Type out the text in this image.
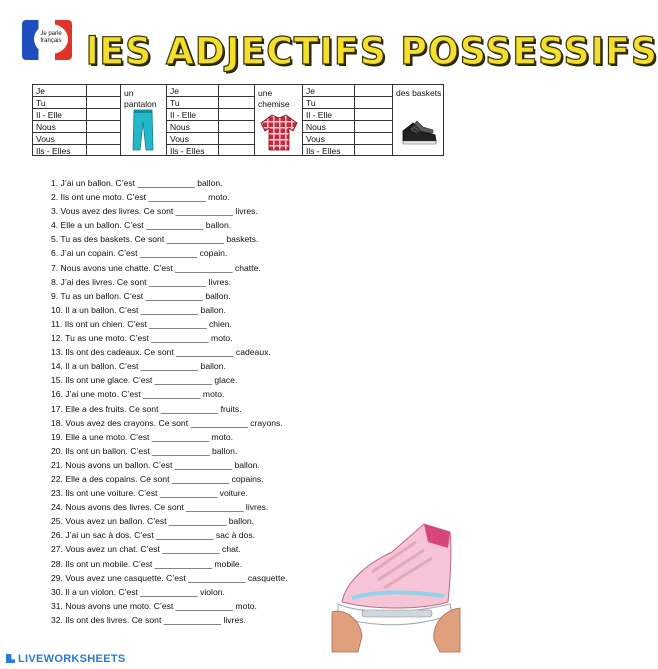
Je parle
français lES ADJECTIFS POSSESSIFS
Je
Tu
Il - Elle
Nous
Vous
Ils - Elles
un pantalon
Je
Tu
Il - Elle
Nous
Vous
Ils - Elles
une chemise
Je
Tu
Il - Elle
Nous
Vous
Ils - Elles
des baskets
1. J’ai un ballon. C’est ____________ ballon.
2. Ils ont une moto. C’est ____________ moto.
3. Vous avez des livres. Ce sont ____________ livres.
4. Elle a un ballon. C’est ____________ ballon.
5. Tu as des baskets. Ce sont ____________ baskets.
6. J’ai un copain. C’est ____________ copain.
7. Nous avons une chatte. C’est ____________ chatte.
8. J’ai des livres. Ce sont ____________ livres.
9. Tu as un ballon. C’est ____________ ballon.
10. Il a un ballon. C’est ____________ ballon.
11. Ils ont un chien. C’est ____________ chien.
12. Tu as une moto. C’est ____________ moto.
13. Ils ont des cadeaux. Ce sont ____________ cadeaux.
14. Il a un ballon. C’est ____________ ballon.
15. Ils ont une glace. C’est ____________ glace.
16. J’ai une moto. C’est ____________ moto.
17. Elle a des fruits. Ce sont ____________ fruits.
18. Vous avez des crayons. Ce sont ____________ crayons.
19. Elle a une moto. C’est ____________ moto.
20. Ils ont un ballon. C’est ____________ ballon.
21. Nous avons un ballon. C’est ____________ ballon.
22. Elle a des copains. Ce sont ____________ copains.
23. Ils ont une voiture. C’est ____________ voiture.
24. Nous avons des livres. Ce sont ____________ livres.
25. Vous avez un ballon. C’est ____________ ballon.
26. J’ai un sac à dos. C’est ____________ sac à dos.
27. Vous avez un chat. C’est ____________ chat.
28. Ils ont un mobile. C’est ____________ mobile.
29. Vous avez une casquette. C’est ____________ casquette.
30. Il a un violon. C’est ____________ violon.
31. Nous avons une moto. C’est ____________ moto.
32. Ils ont des livres. Ce sont ____________ livres.
LIVEWORKSHEETS
